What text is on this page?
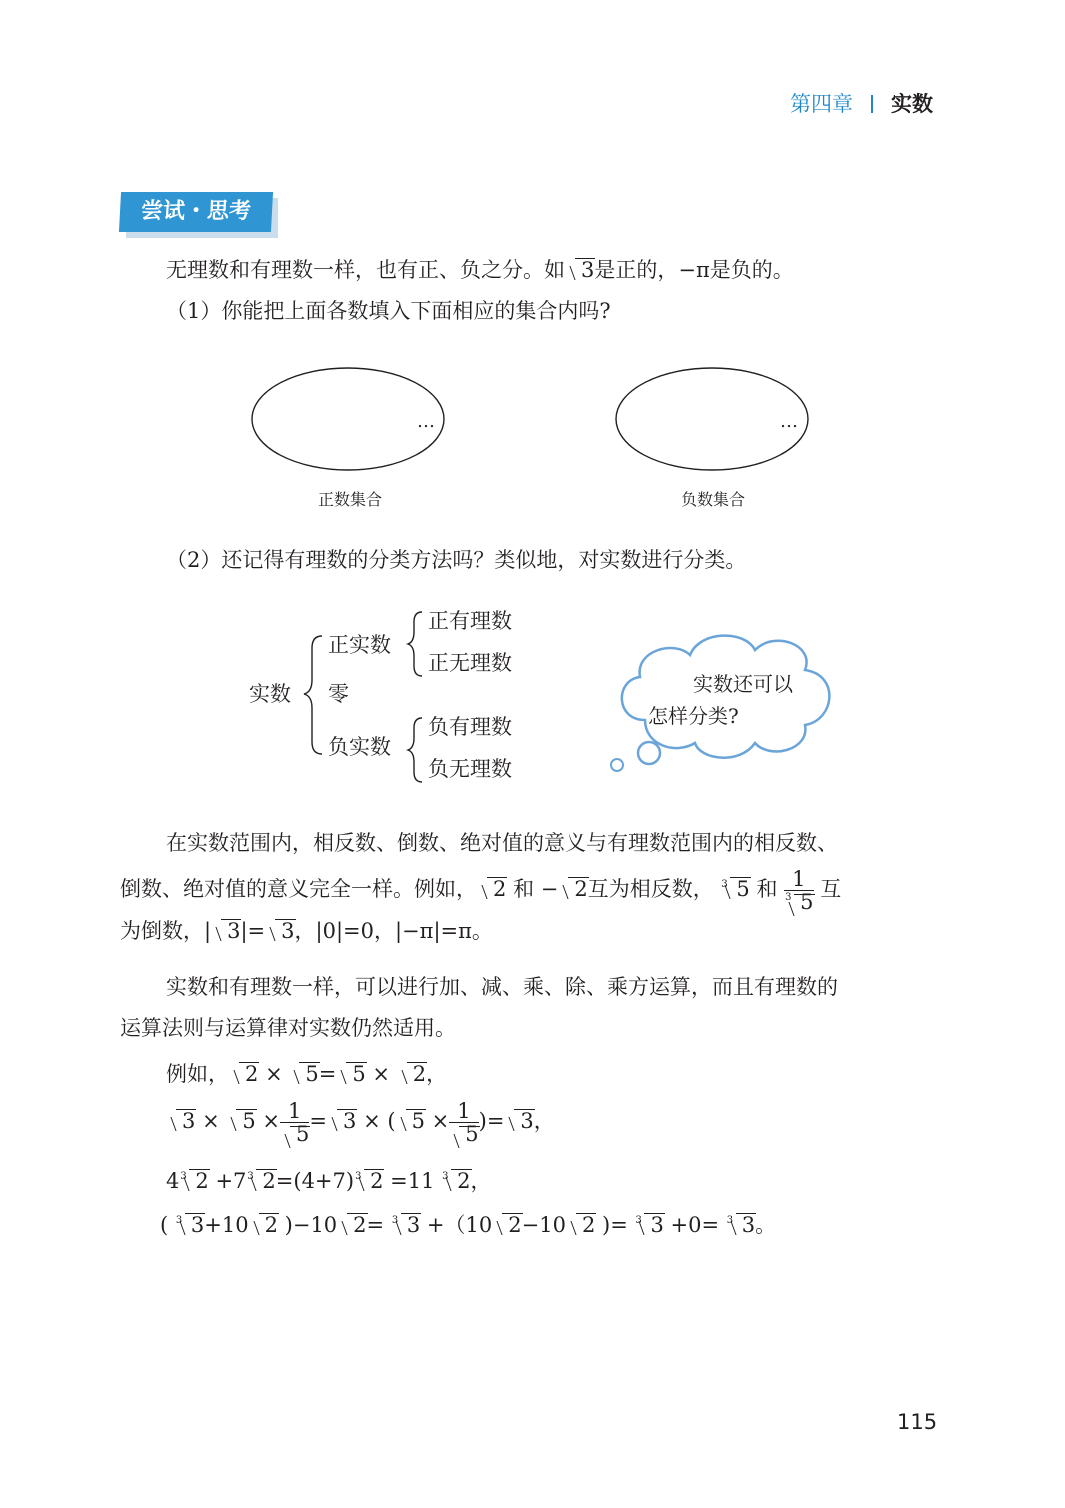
第四章 实数
尝试・思考
无理数和有理数一样，也有正、负之分。如 3是正的，−π是负的。
（1）你能把上面各数填入下面相应的集合内吗?
…	…
正数集合	负数集合
（2）还记得有理数的分类方法吗？类似地，对实数进行分类。
实数
正实数
零
负实数
正有理数
正无理数
负有理数
负无理数
实数还可以
怎样分类?
在实数范围内，相反数、倒数、绝对值的意义与有理数范围内的相反数、
倒数、绝对值的意义完全一样。例如， 2 和 − 2互为相反数， 3 5 和 $\frac{1}{3 5}$ 互
为倒数，| 3|= 3，|0|=0，|−π|=π。
实数和有理数一样，可以进行加、减、乘、除、乘方运算，而且有理数的
运算法则与运算律对实数仍然适用。
例如， 2 × 5= 5 × 2，
$3 \times 5 \times \frac{1}{5} = 3$ × ( $5 \times \frac{1}{5}$ )= 3，
4 3 2 +7 3 2=(4+7) 3 2 =11 3 2，
( 3 3+10 2 )−10 2= 3 3 +（10 2−10 2 )= 3 3 +0= 3 3。
115
